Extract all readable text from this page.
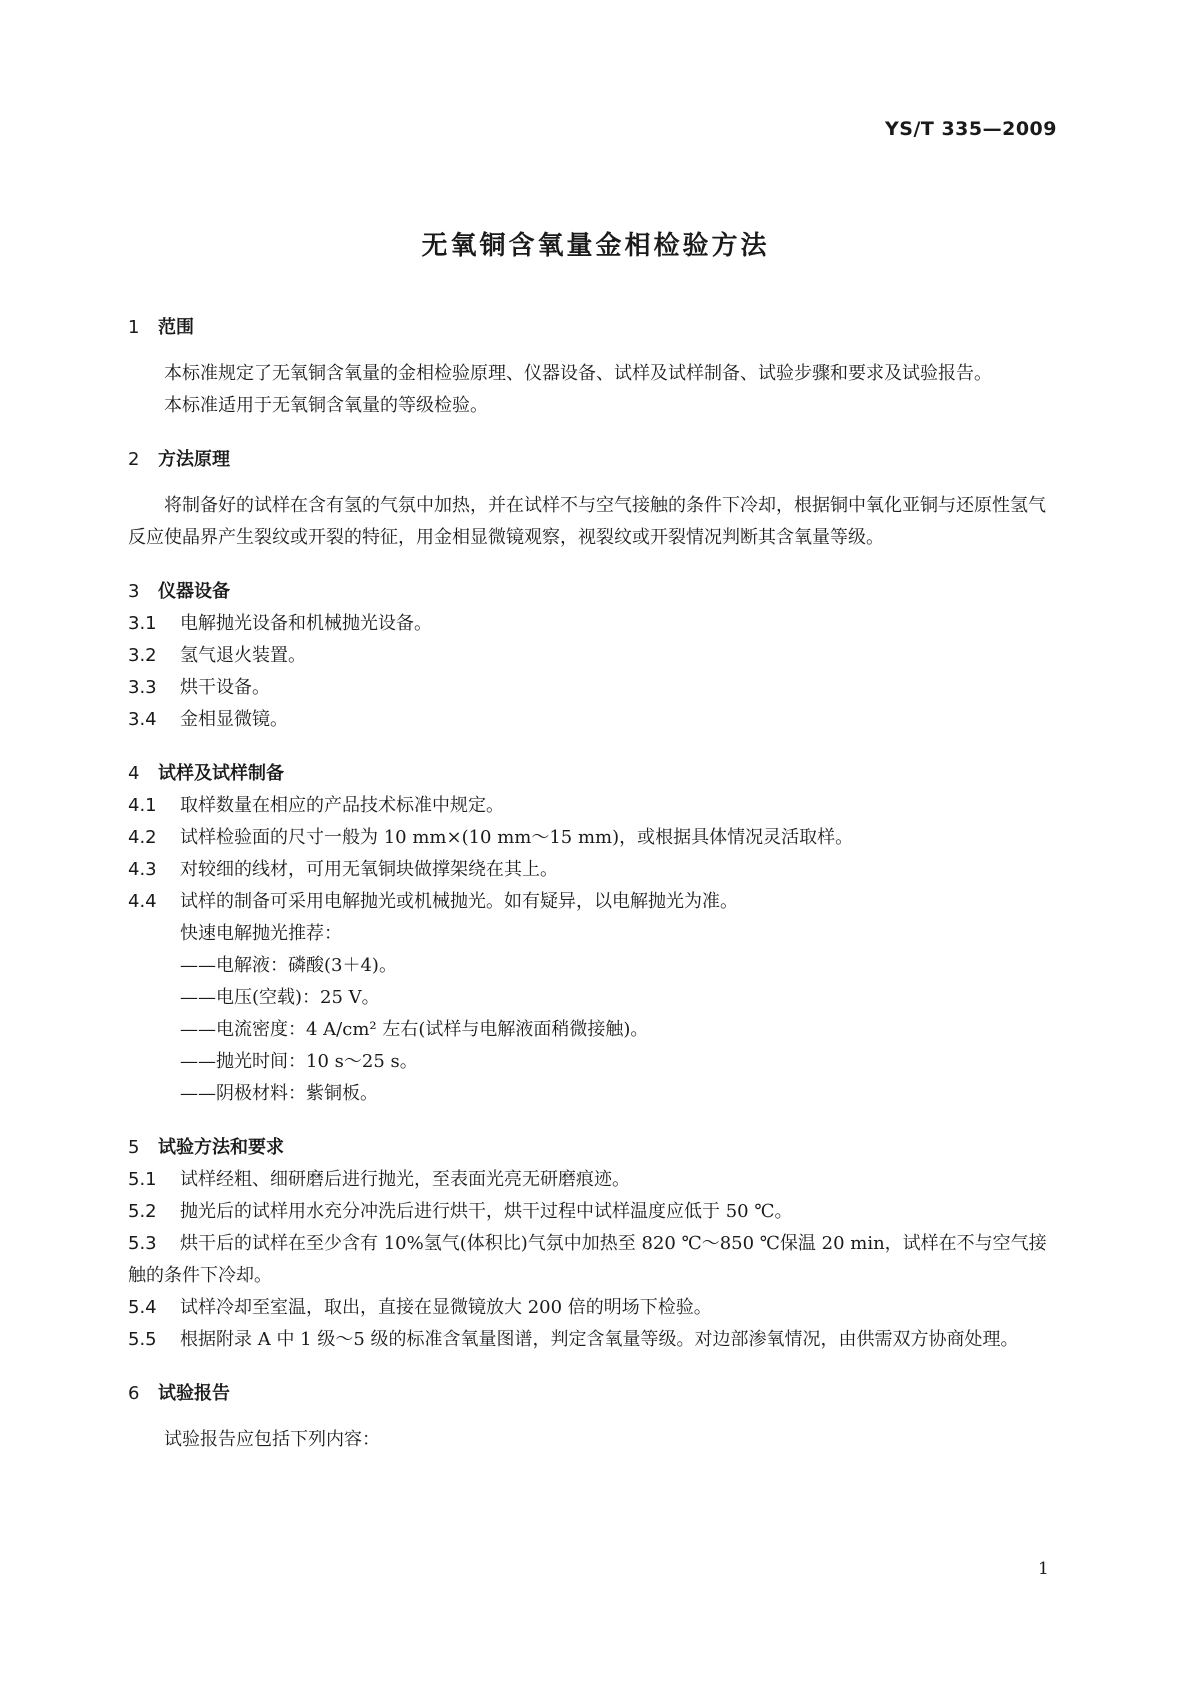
YS/T 335—2009
无氧铜含氧量金相检验方法

1 范围

本标准规定了无氧铜含氧量的金相检验原理、仪器设备、试样及试样制备、试验步骤和要求及试验报告。

本标准适用于无氧铜含氧量的等级检验。

2 方法原理

将制备好的试样在含有氢的气氛中加热，并在试样不与空气接触的条件下冷却，根据铜中氧化亚铜与还原性氢气反应使晶界产生裂纹或开裂的特征，用金相显微镜观察，视裂纹或开裂情况判断其含氧量等级。

3 仪器设备

3.1 电解抛光设备和机械抛光设备。

3.2 氢气退火装置。

3.3 烘干设备。

3.4 金相显微镜。

4 试样及试样制备

4.1 取样数量在相应的产品技术标准中规定。

4.2 试样检验面的尺寸一般为 10 mm×(10 mm～15 mm)，或根据具体情况灵活取样。

4.3 对较细的线材，可用无氧铜块做撑架绕在其上。

4.4 试样的制备可采用电解抛光或机械抛光。如有疑异，以电解抛光为准。

快速电解抛光推荐：

——电解液：磷酸(3＋4)。

——电压(空载)：25 V。

——电流密度：4 A/cm² 左右(试样与电解液面稍微接触)。

——抛光时间：10 s～25 s。

——阴极材料：紫铜板。

5 试验方法和要求

5.1 试样经粗、细研磨后进行抛光，至表面光亮无研磨痕迹。

5.2 抛光后的试样用水充分冲洗后进行烘干，烘干过程中试样温度应低于 50 ℃。

5.3 烘干后的试样在至少含有 10%氢气(体积比)气氛中加热至 820 ℃～850 ℃保温 20 min，试样在不与空气接触的条件下冷却。

5.4 试样冷却至室温，取出，直接在显微镜放大 200 倍的明场下检验。

5.5 根据附录 A 中 1 级～5 级的标准含氧量图谱，判定含氧量等级。对边部渗氧情况，由供需双方协商处理。

6 试验报告

试验报告应包括下列内容：

1
